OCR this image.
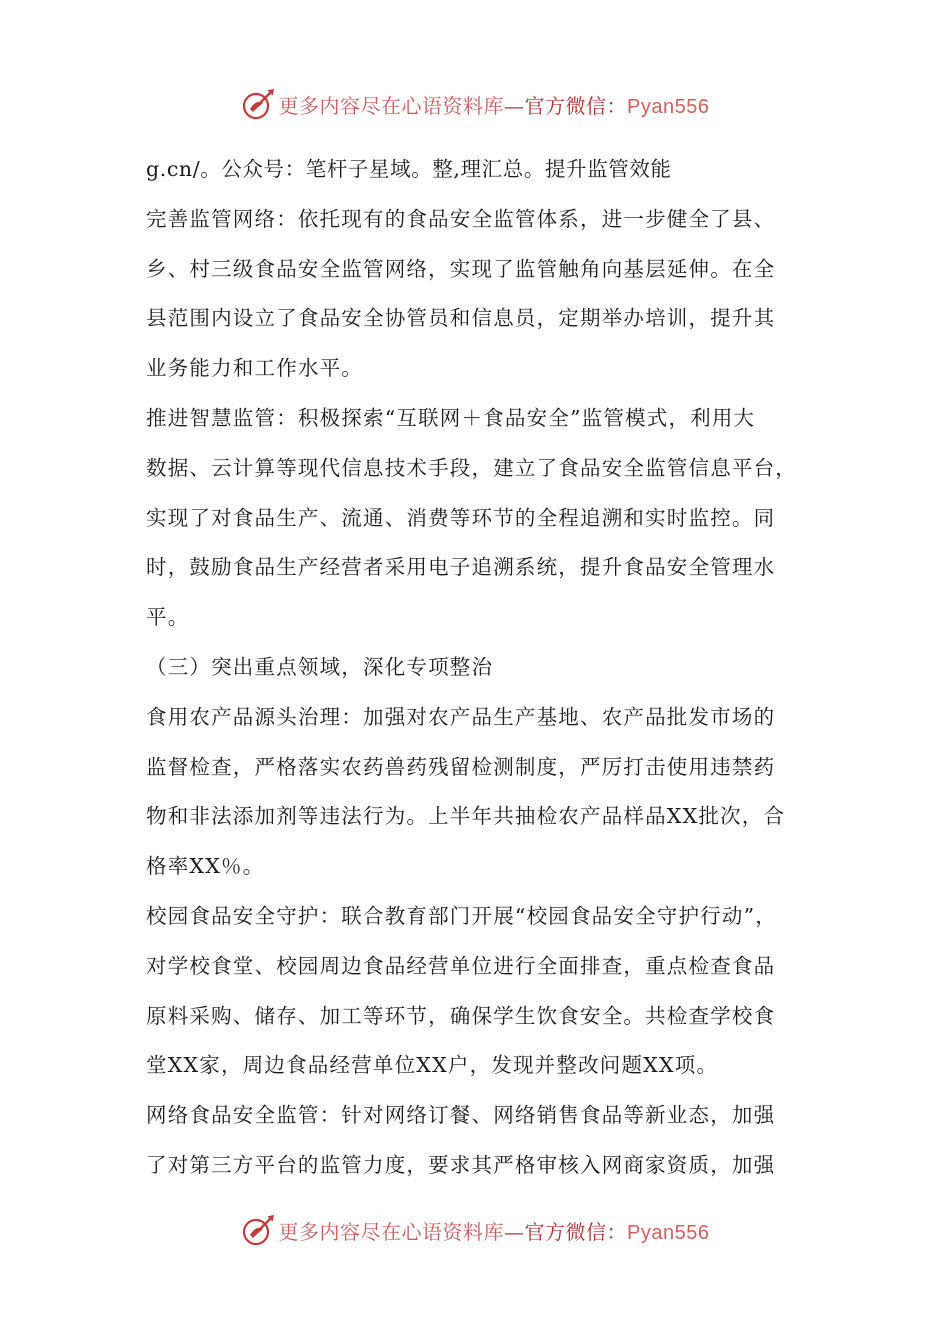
更多内容尽在心语资料库—官方微信：Pyan556
g.cn/。公众号：笔杆子星域。整,理汇总。提升监管效能
完善监管网络：依托现有的食品安全监管体系，进一步健全了县、
乡、村三级食品安全监管网络，实现了监管触角向基层延伸。在全
县范围内设立了食品安全协管员和信息员，定期举办培训，提升其
业务能力和工作水平。
推进智慧监管：积极探索“互联网＋食品安全”监管模式，利用大
数据、云计算等现代信息技术手段，建立了食品安全监管信息平台，
实现了对食品生产、流通、消费等环节的全程追溯和实时监控。同
时，鼓励食品生产经营者采用电子追溯系统，提升食品安全管理水
平。
（三）突出重点领域，深化专项整治
食用农产品源头治理：加强对农产品生产基地、农产品批发市场的
监督检查，严格落实农药兽药残留检测制度，严厉打击使用违禁药
物和非法添加剂等违法行为。上半年共抽检农产品样品XX批次，合
格率XX％。
校园食品安全守护：联合教育部门开展“校园食品安全守护行动”，
对学校食堂、校园周边食品经营单位进行全面排查，重点检查食品
原料采购、储存、加工等环节，确保学生饮食安全。共检查学校食
堂XX家，周边食品经营单位XX户，发现并整改问题XX项。
网络食品安全监管：针对网络订餐、网络销售食品等新业态，加强
了对第三方平台的监管力度，要求其严格审核入网商家资质，加强
更多内容尽在心语资料库—官方微信：Pyan556
